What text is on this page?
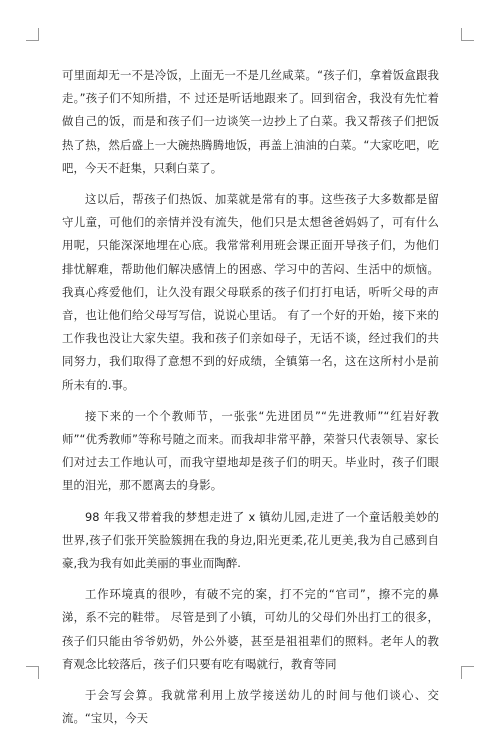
可里面却无一不是冷饭，上面无一不是几丝咸菜。“孩子们，拿着饭盒跟我走。”孩子们不知所措，不 过还是听话地跟来了。回到宿舍，我没有先忙着做自己的饭，而是和孩子们一边谈笑一边抄上了白菜。我又帮孩子们把饭热了热，然后盛上一大碗热腾腾地饭，再盖上油油的白菜。“大家吃吧，吃吧，今天不赶集，只剩白菜了。

这以后，帮孩子们热饭、加菜就是常有的事。这些孩子大多数都是留守儿童，可他们的亲情并没有流失，他们只是太想爸爸妈妈了，可有什么用呢，只能深深地埋在心底。我常常利用班会课正面开导孩子们，为他们排忧解难，帮助他们解决感情上的困惑、学习中的苦闷、生活中的烦恼。我真心疼爱他们，让久没有跟父母联系的孩子们打打电话，听听父母的声音，也让他们给父母写写信，说说心里话。 有了一个好的开始，接下来的工作我也没让大家失望。我和孩子们亲如母子，无话不谈，经过我们的共同努力，我们取得了意想不到的好成绩，全镇第一名，这在这所村小是前所未有的.事。

接下来的一个个教师节，一张张“先进团员”“先进教师”“红岩好教师”“优秀教师”等称号随之而来。而我却非常平静，荣誉只代表领导、家长们对过去工作地认可，而我守望地却是孩子们的明天。毕业时，孩子们眼里的泪光，那不愿离去的身影。

98 年我又带着我的梦想走进了 x 镇幼儿园,走进了一个童话般美妙的世界,孩子们张开笑脸簇拥在我的身边,阳光更柔,花儿更美,我为自己感到自豪,我为我有如此美丽的事业而陶醉.

工作环境真的很吵，有破不完的案，打不完的“官司”，擦不完的鼻涕，系不完的鞋带。 尽管是到了小镇，可幼儿的父母们外出打工的很多，孩子们只能由爷爷奶奶，外公外婆，甚至是祖祖辈们的照料。老年人的教育观念比较落后，孩子们只要有吃有喝就行，教育等同

于会写会算。我就常利用上放学接送幼儿的时间与他们谈心、交流。“宝贝，今天
